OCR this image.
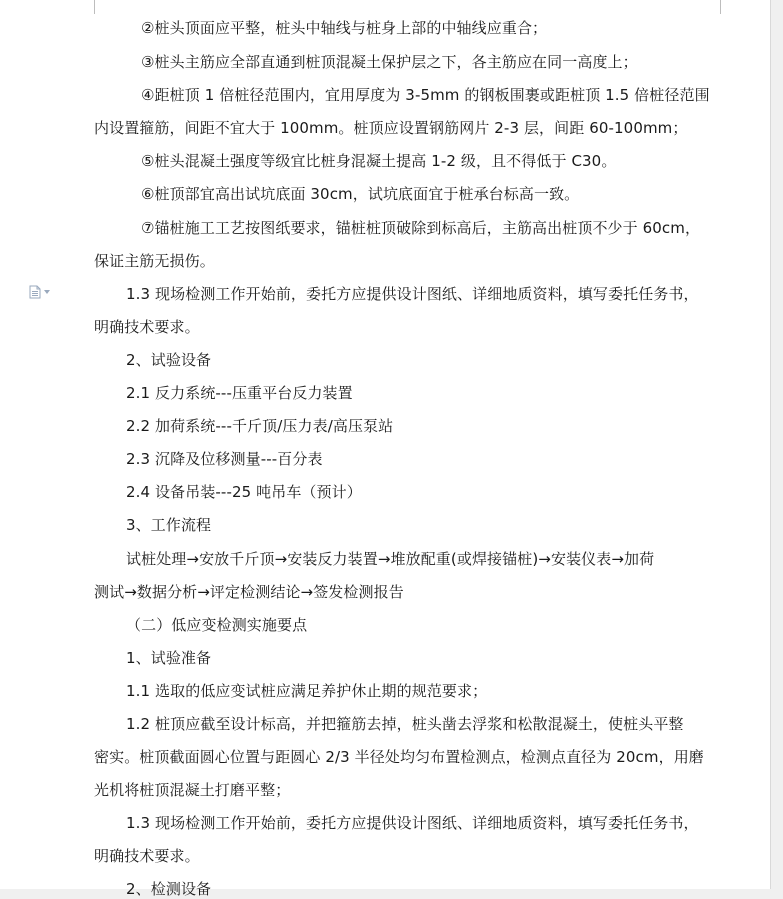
②桩头顶面应平整，桩头中轴线与桩身上部的中轴线应重合；
③桩头主筋应全部直通到桩顶混凝土保护层之下，各主筋应在同一高度上；
④距桩顶 1 倍桩径范围内，宜用厚度为 3-5mm 的钢板围裹或距桩顶 1.5 倍桩径范围
内设置箍筋，间距不宜大于 100mm。桩顶应设置钢筋网片 2-3 层，间距 60-100mm；
⑤桩头混凝土强度等级宜比桩身混凝土提高 1-2 级，且不得低于 C30。
⑥桩顶部宜高出试坑底面 30cm，试坑底面宜于桩承台标高一致。
⑦锚桩施工工艺按图纸要求，锚桩桩顶破除到标高后，主筋高出桩顶不少于 60cm，
保证主筋无损伤。
1.3 现场检测工作开始前，委托方应提供设计图纸、详细地质资料，填写委托任务书，
明确技术要求。
2、试验设备
2.1 反力系统---压重平台反力装置
2.2 加荷系统---千斤顶/压力表/高压泵站
2.3 沉降及位移测量---百分表
2.4 设备吊装---25 吨吊车（预计）
3、工作流程
试桩处理→安放千斤顶→安装反力装置→堆放配重(或焊接锚桩)→安装仪表→加荷
测试→数据分析→评定检测结论→签发检测报告
（二）低应变检测实施要点
1、试验准备
1.1 选取的低应变试桩应满足养护休止期的规范要求；
1.2 桩顶应截至设计标高，并把箍筋去掉，桩头凿去浮浆和松散混凝土，使桩头平整
密实。桩顶截面圆心位置与距圆心 2/3 半径处均匀布置检测点，检测点直径为 20cm，用磨
光机将桩顶混凝土打磨平整；
1.3 现场检测工作开始前，委托方应提供设计图纸、详细地质资料，填写委托任务书，
明确技术要求。
2、检测设备
